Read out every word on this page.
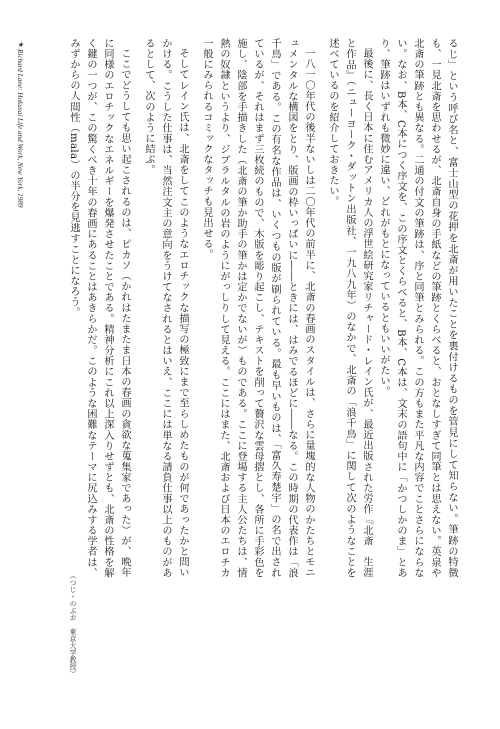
るじ」という呼び名と、富士山型の花押を北斎が用いたことを裏付けるものを管見にして知らない。筆跡の特徴も、一見北斎を思わせるが、北斎自身の手紙などの筆跡とくらべると、おとなしすぎて同筆とは思えない。英泉や北斎の筆跡とも異なる。二通の付文の筆跡は、序と同筆とみられる。この方もまた平凡な内容でことさらにならない。なお、B本、C本につく序文を、この序文とくらべると、B本、C本は、文末の語句中に「かつしかのま」とあり、筆跡はいずれも微妙に違い、どれがもとになっているともいいがたい。

最後に、長く日本に住むアメリカ人の浮世絵研究家リチャード・レイン氏が、最近出版された労作『北斎　生涯と作品』（ニューヨーク・ダットン出版社、一九八九年）のなかで、北斎の「浪千鳥」に関して次のようなことを述べているのを紹介しておきたい。

一八一〇年代の後半ないしは二〇年代の前半に、北斎の春画のスタイルは、さらに量塊的な人物のかたちとモニュメンタルな構図をとり、版画の枠いっぱいに――ときには、はみでるほどに――なる。この時期の代表作は「浪千鳥」である。この有名な作品は、いくつもの版が刷られている。最も早いものは、「富久寿楚宇」の名で出されているが、それはまず三枚続のもので、木版を彫り起こし、テキストを削って贅沢な雲母摺とし、各所に手彩色を施し、陰部を手描きした（北斎の筆か助手の筆かは定かでないが）ものである。ここに登場する主人公たちは、情熱の奴隷というより、ジブラルタルの岩のようにがっしりして見える。ここにはまた、北斎および日本のエロチカ一般にみられるコミックなタッチも見出せる。

そしてレイン氏は、北斎をしてこのようなエロチックな描写の極致にまで至らしめたものが何であったかと問いかける。こうした仕事は、当然注文主の意向をうけてなされるとはいえ、ここには単なる請負仕事以上のものがあるとして、次のように結ぶ。

ここでどうしても思い起こされるのは、ピカソ（かれはたまたま日本の春画の貪欲な蒐集家であった）が、晩年に同様のエロチックなエネルギーを爆発させたことである。精神分析にこれ以上深入りせずとも、北斎の性格を解く鍵の一つが、この驚くべき十年の春画にあることはあきらかだ。このような困難なテーマに尻込みする学者は、みずからの人間性（mala）の半分を見逃すことになろう。

（つじ・のぶお　東京大学教授）
★Richard Lane: Hokusai Life and Work, New York, 1989
